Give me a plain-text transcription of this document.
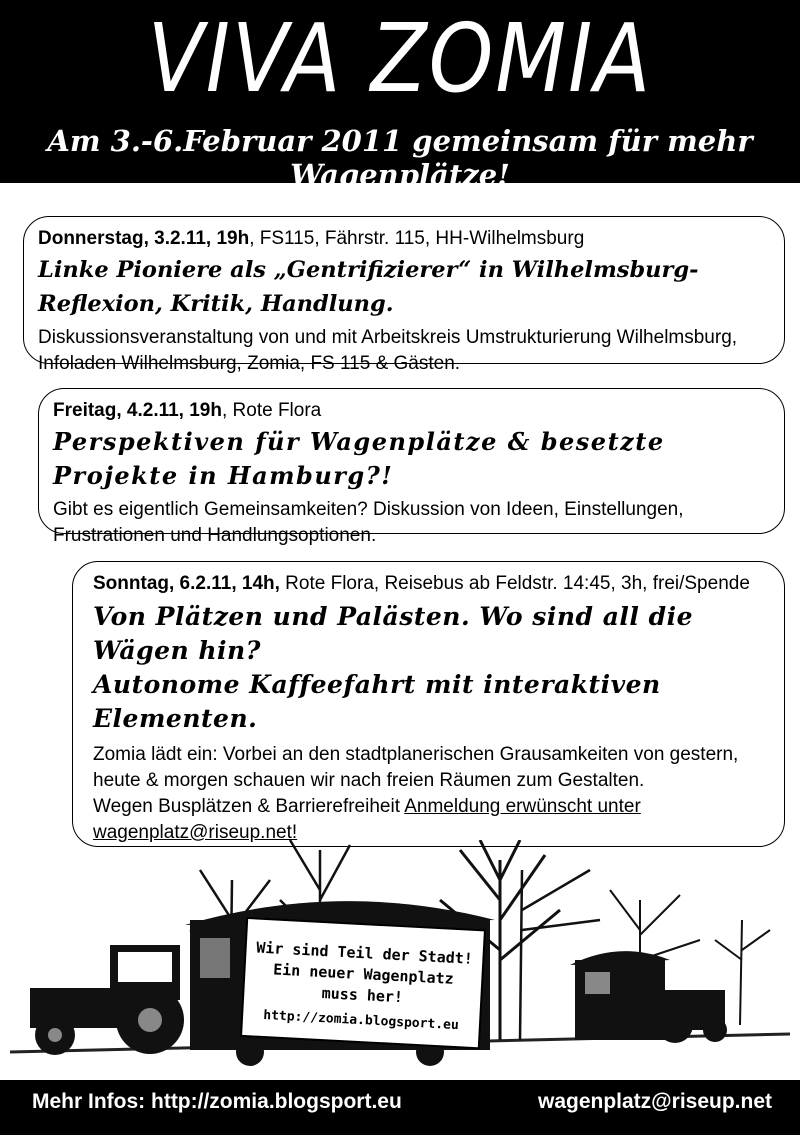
VIVA ZOMIA
Am 3.-6.Februar 2011 gemeinsam für mehr Wagenplätze!
Donnerstag, 3.2.11, 19h, FS115, Fährstr. 115, HH-Wilhelmsburg
Linke Pioniere als „Gentrifizierer“ in Wilhelmsburg-Reflexion, Kritik, Handlung.
Diskussionsveranstaltung von und mit Arbeitskreis Umstrukturierung Wilhelmsburg, Infoladen Wilhelmsburg, Zomia, FS 115 & Gästen.
Freitag, 4.2.11, 19h, Rote Flora
Perspektiven für Wagenplätze & besetzte Projekte in Hamburg?!
Gibt es eigentlich Gemeinsamkeiten? Diskussion von Ideen, Einstellungen, Frustrationen und Handlungsoptionen.
Sonntag, 6.2.11, 14h, Rote Flora, Reisebus ab Feldstr. 14:45, 3h, frei/Spende
Von Plätzen und Palästen. Wo sind all die Wägen hin?
Autonome Kaffeefahrt mit interaktiven Elementen.
Zomia lädt ein: Vorbei an den stadtplanerischen Grausamkeiten von gestern, heute & morgen schauen wir nach freien Räumen zum Gestalten.
Wegen Busplätzen & Barrierefreiheit Anmeldung erwünscht unter wagenplatz@riseup.net!
Wir sind Teil der Stadt!
Ein neuer Wagenplatz
muss her!
http://zomia.blogsport.eu
Mehr Infos: http://zomia.blogsport.eu	wagenplatz@riseup.net
